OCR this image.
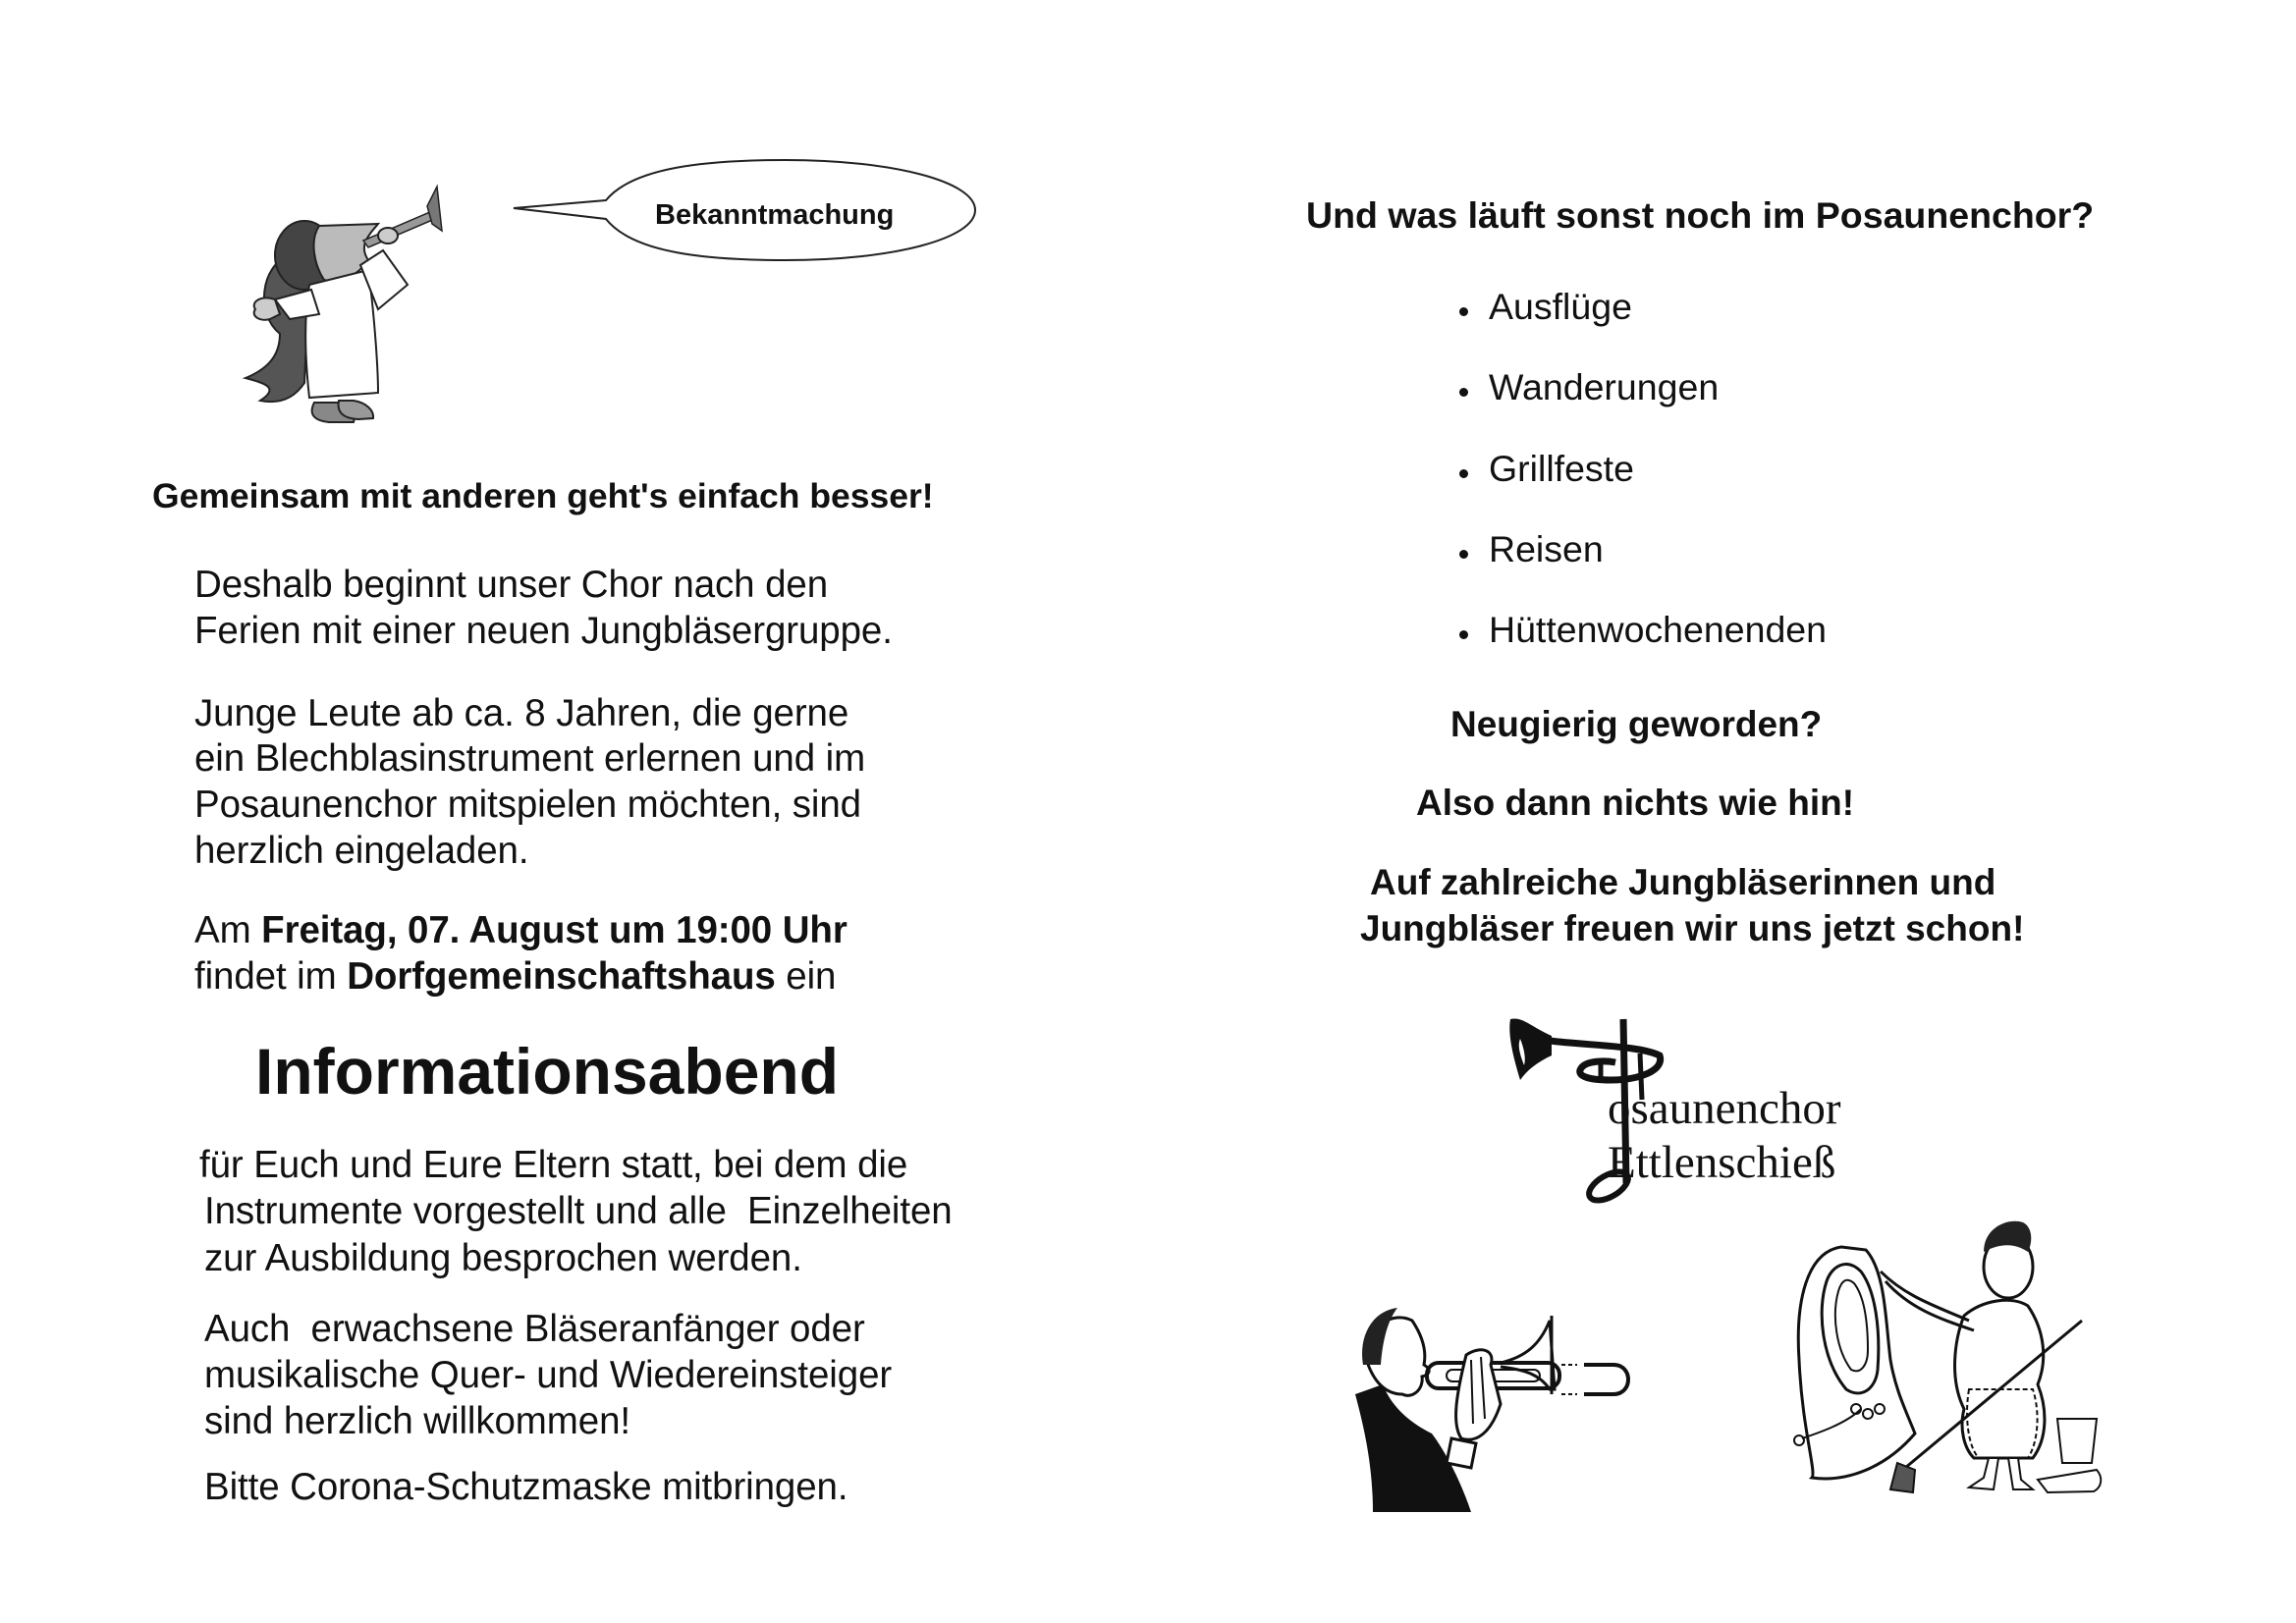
Bekanntmachung
Gemeinsam mit anderen geht's einfach besser!
Deshalb beginnt unser Chor nach den
Ferien mit einer neuen Jungbläsergruppe.
Junge Leute ab ca. 8 Jahren, die gerne
ein Blechblasinstrument erlernen und im
Posaunenchor mitspielen möchten, sind
herzlich eingeladen.
Am Freitag, 07. August um 19:00 Uhr
findet im Dorfgemeinschaftshaus ein
Informationsabend
für Euch und Eure Eltern statt, bei dem die
Instrumente vorgestellt und alle  Einzelheiten
zur Ausbildung besprochen werden.
Auch  erwachsene Bläseranfänger oder
musikalische Quer- und Wiedereinsteiger
sind herzlich willkommen!
Bitte Corona-Schutzmaske mitbringen.
Und was läuft sonst noch im Posaunenchor?
Ausflüge
Wanderungen
Grillfeste
Reisen
Hüttenwochenenden
Neugierig geworden?
Also dann nichts wie hin!
Auf zahlreiche Jungbläserinnen und
Jungbläser freuen wir uns jetzt schon!
osaunenchor
Ettlenschieß
